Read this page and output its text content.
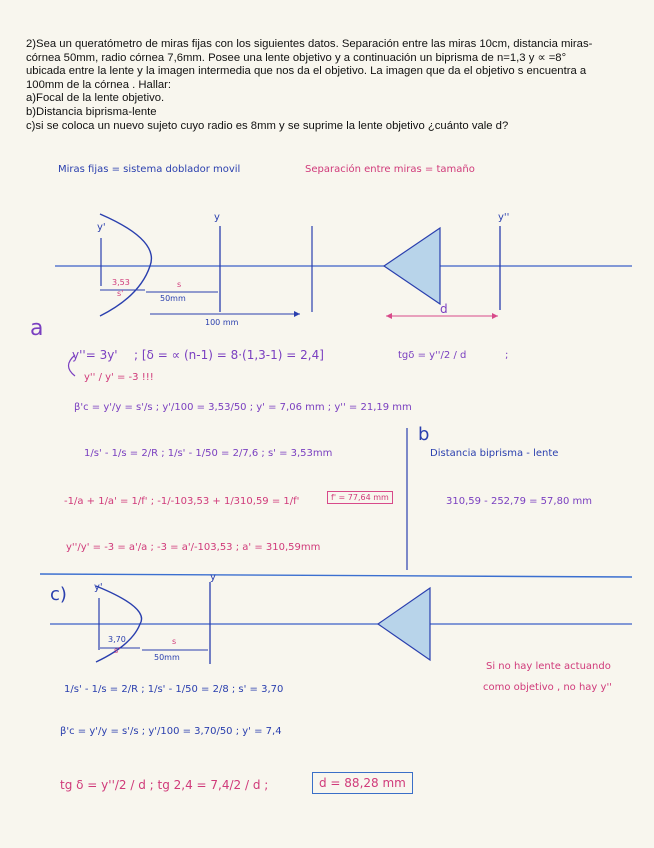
2)Sea un queratómetro de miras fijas con los siguientes datos. Separación entre las miras 10cm, distancia miras-

córnea 50mm, radio córnea 7,6mm. Posee una lente objetivo y a continuación un biprisma de n=1,3 y ∝ =8°

ubicada entre la lente y la imagen intermedia que nos da el objetivo. La imagen que da el objetivo s encuentra a

100mm de la córnea . Hallar:

a)Focal de la lente objetivo.

b)Distancia biprisma-lente

c)si se coloca un nuevo sujeto cuyo radio es 8mm y se suprime la lente objetivo ¿cuánto vale d?

Miras fijas = sistema doblador movil	Separación entre miras = tamaño
y'
y	y''
3,53
s'
s
50mm
100 mm
d
a
y''= 3y' ; [δ = ∝ (n-1) = 8·(1,3-1) = 2,4]	tgδ = y''/2 / d	;
y'' / y' = -3 !!!
β'c = y'/y = s'/s ; y'/100 = 3,53/50 ; y' = 7,06 mm ; y'' = 21,19 mm
1/s' - 1/s = 2/R ; 1/s' - 1/50 = 2/7,6 ; s' = 3,53mm
-1/a + 1/a' = 1/f' ; -1/-103,53 + 1/310,59 = 1/f'	f' = 77,64 mm
y''/y' = -3 = a'/a ; -3 = a'/-103,53 ; a' = 310,59mm
b
Distancia biprisma - lente
310,59 - 252,79 = 57,80 mm
c)	y'
y
3,70
s'
s
50mm
Si no hay lente actuando
como objetivo , no hay y''
1/s' - 1/s = 2/R ; 1/s' - 1/50 = 2/8 ; s' = 3,70
β'c = y'/y = s'/s ; y'/100 = 3,70/50 ; y' = 7,4
tg δ = y''/2 / d ; tg 2,4 = 7,4/2 / d ;	d = 88,28 mm
